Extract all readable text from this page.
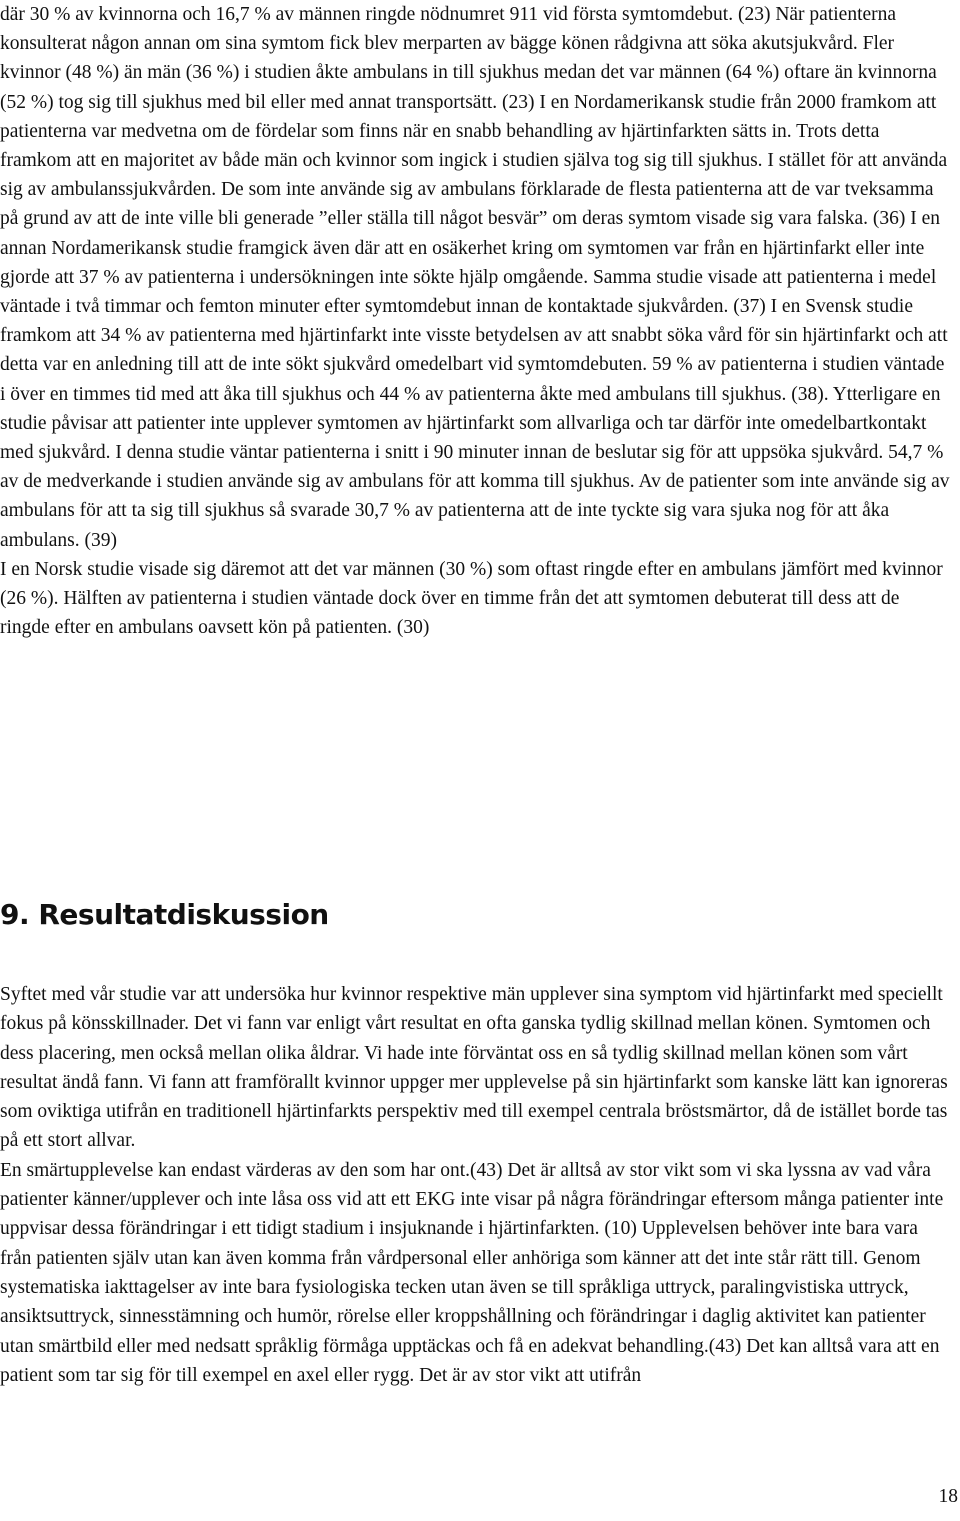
där 30 % av kvinnorna och 16,7 % av männen ringde nödnumret 911 vid första symtomdebut. (23) När patienterna konsulterat någon annan om sina symtom fick blev merparten av bägge könen rådgivna att söka akutsjukvård. Fler kvinnor (48 %) än män (36 %) i studien åkte ambulans in till sjukhus medan det var männen (64 %) oftare än kvinnorna (52 %) tog sig till sjukhus med bil eller med annat transportsätt. (23) I en Nordamerikansk studie från 2000 framkom att patienterna var medvetna om de fördelar som finns när en snabb behandling av hjärtinfarkten sätts in. Trots detta framkom att en majoritet av både män och kvinnor som ingick i studien själva tog sig till sjukhus. I stället för att använda sig av ambulanssjukvården. De som inte använde sig av ambulans förklarade de flesta patienterna att de var tveksamma på grund av att de inte ville bli generade ”eller ställa till något besvär” om deras symtom visade sig vara falska. (36) I en annan Nordamerikansk studie framgick även där att en osäkerhet kring om symtomen var från en hjärtinfarkt eller inte gjorde att 37 % av patienterna i undersökningen inte sökte hjälp omgående. Samma studie visade att patienterna i medel väntade i två timmar och femton minuter efter symtomdebut innan de kontaktade sjukvården. (37) I en Svensk studie framkom att 34 % av patienterna med hjärtinfarkt inte visste betydelsen av att snabbt söka vård för sin hjärtinfarkt och att detta var en anledning till att de inte sökt sjukvård omedelbart vid symtomdebuten. 59 % av patienterna i studien väntade i över en timmes tid med att åka till sjukhus och 44 % av patienterna åkte med ambulans till sjukhus. (38). Ytterligare en studie påvisar att patienter inte upplever symtomen av hjärtinfarkt som allvarliga och tar därför inte omedelbartkontakt med sjukvård. I denna studie väntar patienterna i snitt i 90 minuter innan de beslutar sig för att uppsöka sjukvård. 54,7 % av de medverkande i studien använde sig av ambulans för att komma till sjukhus. Av de patienter som inte använde sig av ambulans för att ta sig till sjukhus så svarade 30,7 % av patienterna att de inte tyckte sig vara sjuka nog för att åka ambulans. (39)
I en Norsk studie visade sig däremot att det var männen (30 %) som oftast ringde efter en ambulans jämfört med kvinnor (26 %). Hälften av patienterna i studien väntade dock över en timme från det att symtomen debuterat till dess att de ringde efter en ambulans oavsett kön på patienten. (30)
9. Resultatdiskussion
Syftet med vår studie var att undersöka hur kvinnor respektive män upplever sina symptom vid hjärtinfarkt med speciellt fokus på könsskillnader. Det vi fann var enligt vårt resultat en ofta ganska tydlig skillnad mellan könen. Symtomen och dess placering, men också mellan olika åldrar. Vi hade inte förväntat oss en så tydlig skillnad mellan könen som vårt resultat ändå fann. Vi fann att framförallt kvinnor uppger mer upplevelse på sin hjärtinfarkt som kanske lätt kan ignoreras som oviktiga utifrån en traditionell hjärtinfarkts perspektiv med till exempel centrala bröstsmärtor, då de istället borde tas på ett stort allvar.
En smärtupplevelse kan endast värderas av den som har ont.(43) Det är alltså av stor vikt som vi ska lyssna av vad våra patienter känner/upplever och inte låsa oss vid att ett EKG inte visar på några förändringar eftersom många patienter inte uppvisar dessa förändringar i ett tidigt stadium i insjuknande i hjärtinfarkten. (10) Upplevelsen behöver inte bara vara från patienten själv utan kan även komma från vårdpersonal eller anhöriga som känner att det inte står rätt till. Genom systematiska iakttagelser av inte bara fysiologiska tecken utan även se till språkliga uttryck, paralingvistiska uttryck, ansiktsuttryck, sinnesstämning och humör, rörelse eller kroppshållning och förändringar i daglig aktivitet kan patienter utan smärtbild eller med nedsatt språklig förmåga upptäckas och få en adekvat behandling.(43) Det kan alltså vara att en patient som tar sig för till exempel en axel eller rygg. Det är av stor vikt att utifrån
18
